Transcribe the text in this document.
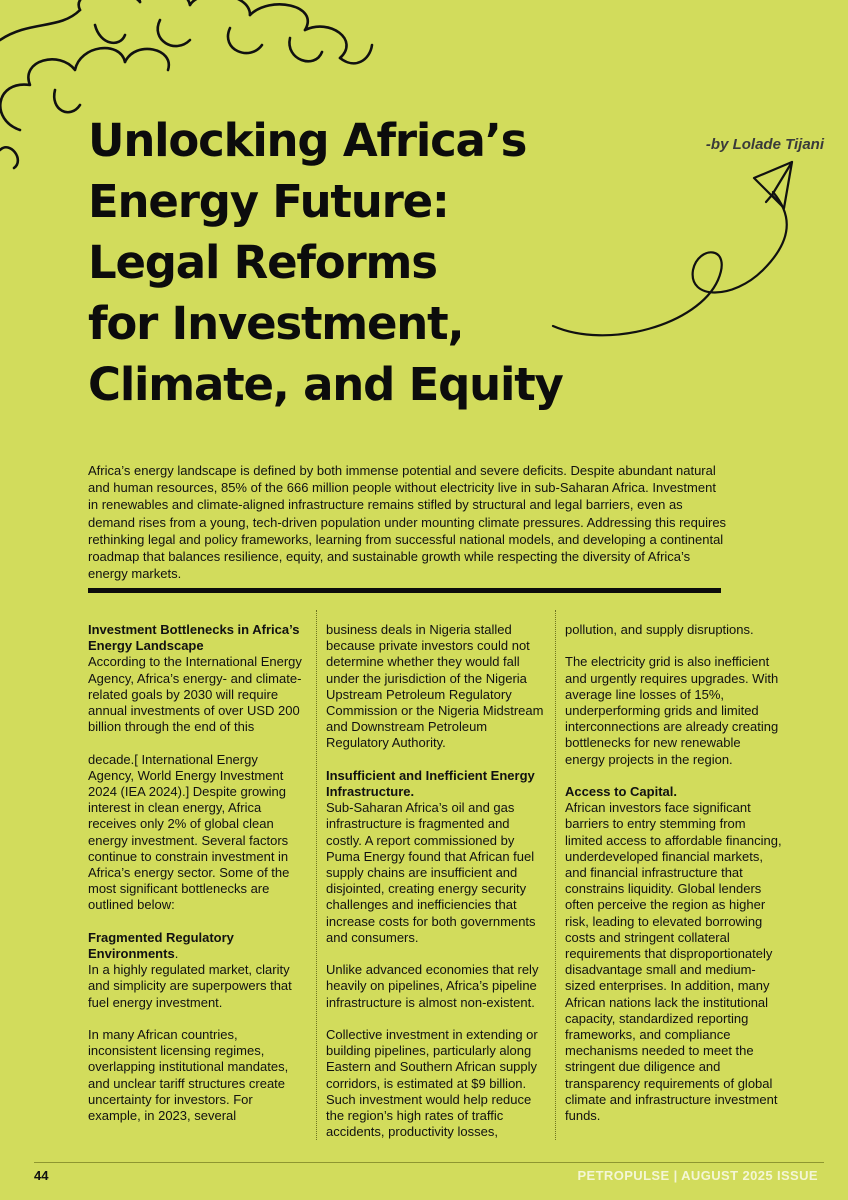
Unlocking Africa’s
Energy Future:
Legal Reforms
for Investment,
Climate, and Equity
-by Lolade Tijani

Africa’s energy landscape is defined by both immense potential and severe deficits. Despite abundant natural and human resources, 85% of the 666 million people without electricity live in sub-Saharan Africa. Investment in renewables and climate-aligned infrastructure remains stifled by structural and legal barriers, even as demand rises from a young, tech-driven population under mounting climate pressures. Addressing this requires rethinking legal and policy frameworks, learning from successful national models, and developing a continental roadmap that balances resilience, equity, and sustainable growth while respecting the diversity of Africa’s energy markets.

Investment Bottlenecks in Africa’s Energy Landscape
According to the International Energy Agency, Africa’s energy- and climate-related goals by 2030 will require annual investments of over USD 200 billion through the end of this

decade.[ International Energy Agency, World Energy Investment 2024 (IEA 2024).] Despite growing interest in clean energy, Africa receives only 2% of global clean energy investment. Several factors continue to constrain investment in Africa’s energy sector. Some of the most significant bottlenecks are outlined below:

Fragmented Regulatory Environments.
In a highly regulated market, clarity and simplicity are superpowers that fuel energy investment.

In many African countries, inconsistent licensing regimes, overlapping institutional mandates, and unclear tariff structures create uncertainty for investors. For example, in 2023, several

business deals in Nigeria stalled because private investors could not determine whether they would fall under the jurisdiction of the Nigeria Upstream Petroleum Regulatory Commission or the Nigeria Midstream and Downstream Petroleum Regulatory Authority.

Insufficient and Inefficient Energy Infrastructure.
Sub-Saharan Africa’s oil and gas infrastructure is fragmented and costly. A report commissioned by Puma Energy found that African fuel supply chains are insufficient and disjointed, creating energy security challenges and inefficiencies that increase costs for both governments and consumers.

Unlike advanced economies that rely heavily on pipelines, Africa’s pipeline infrastructure is almost non-existent.

Collective investment in extending or building pipelines, particularly along Eastern and Southern African supply corridors, is estimated at $9 billion. Such investment would help reduce the region’s high rates of traffic accidents, productivity losses,

pollution, and supply disruptions.

The electricity grid is also inefficient and urgently requires upgrades. With average line losses of 15%, underperforming grids and limited interconnections are already creating bottlenecks for new renewable energy projects in the region.

Access to Capital.
African investors face significant barriers to entry stemming from limited access to affordable financing, underdeveloped financial markets, and financial infrastructure that constrains liquidity. Global lenders often perceive the region as higher risk, leading to elevated borrowing costs and stringent collateral requirements that disproportionately disadvantage small and medium-sized enterprises. In addition, many African nations lack the institutional capacity, standardized reporting frameworks, and compliance mechanisms needed to meet the stringent due diligence and transparency requirements of global climate and infrastructure investment funds.

44	PETROPULSE | AUGUST 2025 ISSUE
